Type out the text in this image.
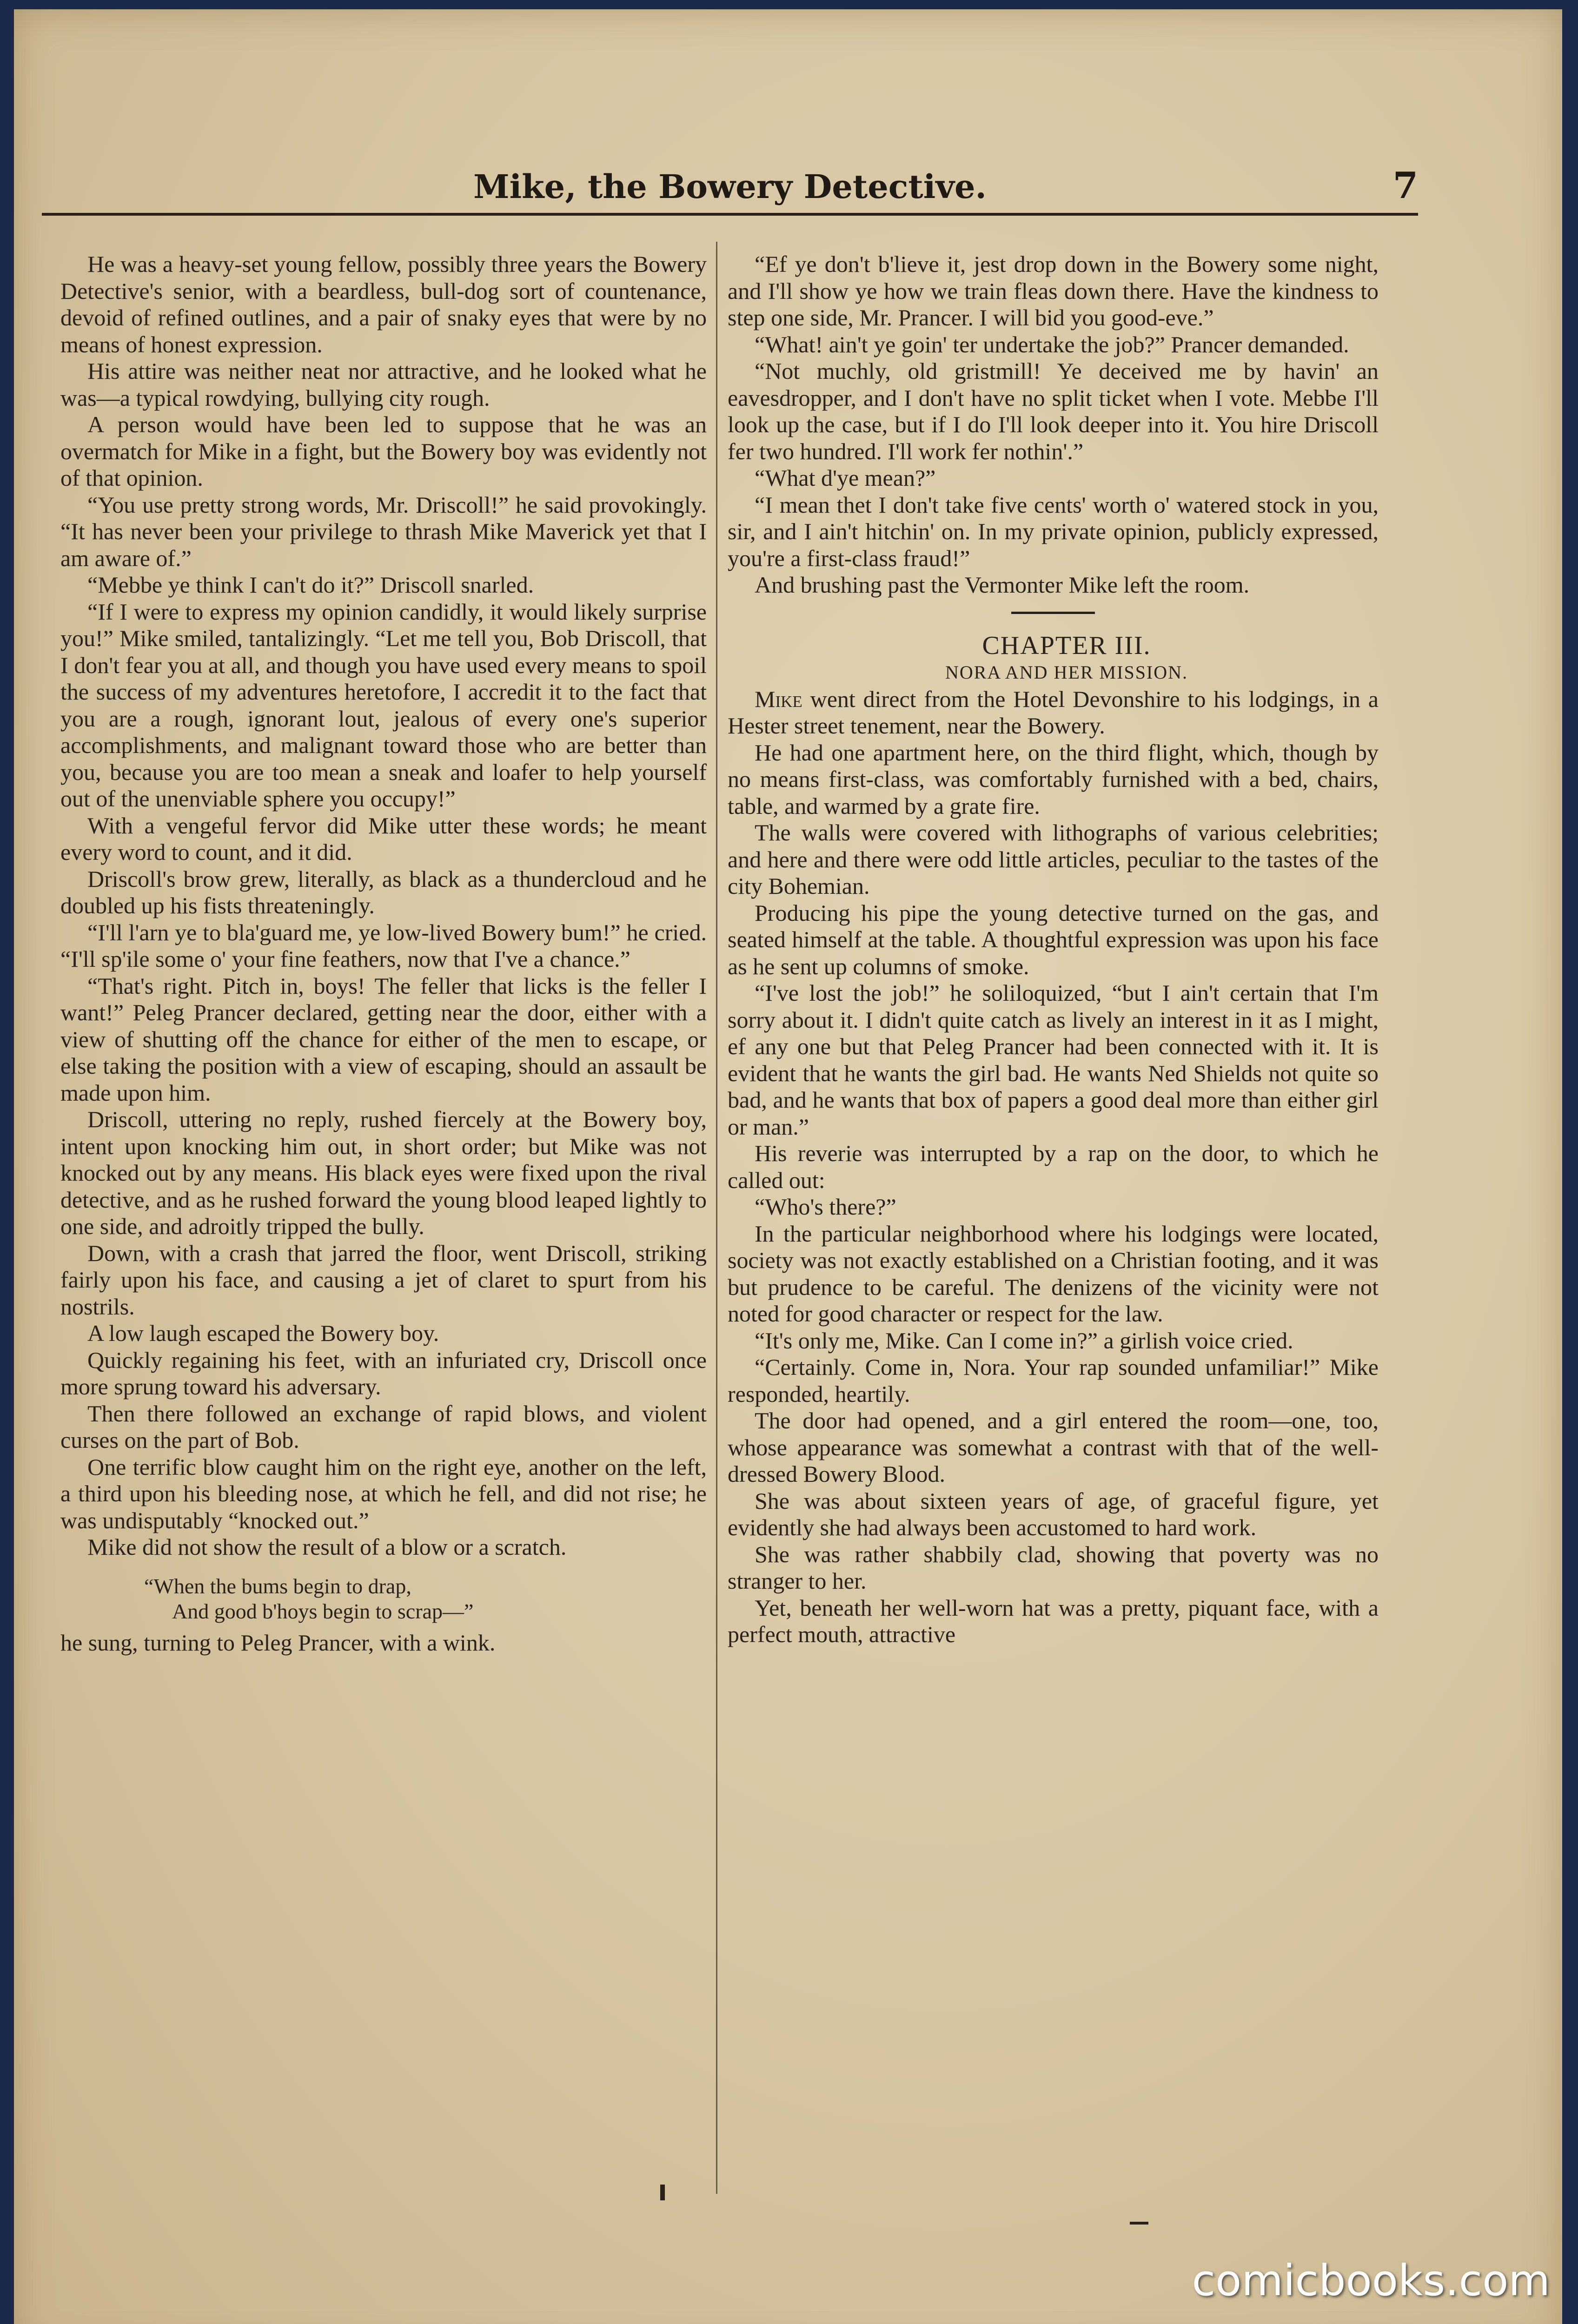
Mike, the Bowery Detective.	7

He was a heavy-set young fellow, possibly three years the Bowery Detective's senior, with a beardless, bull-dog sort of countenance, devoid of refined outlines, and a pair of snaky eyes that were by no means of honest expression.

His attire was neither neat nor attractive, and he looked what he was—a typical rowdying, bullying city rough.

A person would have been led to suppose that he was an overmatch for Mike in a fight, but the Bowery boy was evidently not of that opinion.

“You use pretty strong words, Mr. Driscoll!” he said provokingly. “It has never been your privilege to thrash Mike Maverick yet that I am aware of.”

“Mebbe ye think I can't do it?” Driscoll snarled.

“If I were to express my opinion candidly, it would likely surprise you!” Mike smiled, tantalizingly. “Let me tell you, Bob Driscoll, that I don't fear you at all, and though you have used every means to spoil the success of my adventures heretofore, I accredit it to the fact that you are a rough, ignorant lout, jealous of every one's superior accomplishments, and malignant toward those who are better than you, because you are too mean a sneak and loafer to help yourself out of the unenviable sphere you occupy!”

With a vengeful fervor did Mike utter these words; he meant every word to count, and it did.

Driscoll's brow grew, literally, as black as a thundercloud and he doubled up his fists threateningly.

“I'll l'arn ye to bla'guard me, ye low-lived Bowery bum!” he cried. “I'll sp'ile some o' your fine feathers, now that I've a chance.”

“That's right. Pitch in, boys! The feller that licks is the feller I want!” Peleg Prancer declared, getting near the door, either with a view of shutting off the chance for either of the men to escape, or else taking the position with a view of escaping, should an assault be made upon him.

Driscoll, uttering no reply, rushed fiercely at the Bowery boy, intent upon knocking him out, in short order; but Mike was not knocked out by any means. His black eyes were fixed upon the rival detective, and as he rushed forward the young blood leaped lightly to one side, and adroitly tripped the bully.

Down, with a crash that jarred the floor, went Driscoll, striking fairly upon his face, and causing a jet of claret to spurt from his nostrils.

A low laugh escaped the Bowery boy.

Quickly regaining his feet, with an infuriated cry, Driscoll once more sprung toward his adversary.

Then there followed an exchange of rapid blows, and violent curses on the part of Bob.

One terrific blow caught him on the right eye, another on the left, a third upon his bleeding nose, at which he fell, and did not rise; he was undisputably “knocked out.”

Mike did not show the result of a blow or a scratch.

“When the bums begin to drap,
And good b'hoys begin to scrap—”

he sung, turning to Peleg Prancer, with a wink.

“Ef ye don't b'lieve it, jest drop down in the Bowery some night, and I'll show ye how we train fleas down there. Have the kindness to step one side, Mr. Prancer. I will bid you good-eve.”

“What! ain't ye goin' ter undertake the job?” Prancer demanded.

“Not muchly, old gristmill! Ye deceived me by havin' an eavesdropper, and I don't have no split ticket when I vote. Mebbe I'll look up the case, but if I do I'll look deeper into it. You hire Driscoll fer two hundred. I'll work fer nothin'.”

“What d'ye mean?”

“I mean thet I don't take five cents' worth o' watered stock in you, sir, and I ain't hitchin' on. In my private opinion, publicly expressed, you're a first-class fraud!”

And brushing past the Vermonter Mike left the room.

CHAPTER III.

NORA AND HER MISSION.

Mike went direct from the Hotel Devonshire to his lodgings, in a Hester street tenement, near the Bowery.

He had one apartment here, on the third flight, which, though by no means first-class, was comfortably furnished with a bed, chairs, table, and warmed by a grate fire.

The walls were covered with lithographs of various celebrities; and here and there were odd little articles, peculiar to the tastes of the city Bohemian.

Producing his pipe the young detective turned on the gas, and seated himself at the table. A thoughtful expression was upon his face as he sent up columns of smoke.

“I've lost the job!” he soliloquized, “but I ain't certain that I'm sorry about it. I didn't quite catch as lively an interest in it as I might, ef any one but that Peleg Prancer had been connected with it. It is evident that he wants the girl bad. He wants Ned Shields not quite so bad, and he wants that box of papers a good deal more than either girl or man.”

His reverie was interrupted by a rap on the door, to which he called out:

“Who's there?”

In the particular neighborhood where his lodgings were located, society was not exactly established on a Christian footing, and it was but prudence to be careful. The denizens of the vicinity were not noted for good character or respect for the law.

“It's only me, Mike. Can I come in?” a girlish voice cried.

“Certainly. Come in, Nora. Your rap sounded unfamiliar!” Mike responded, heartily.

The door had opened, and a girl entered the room—one, too, whose appearance was somewhat a contrast with that of the well-dressed Bowery Blood.

She was about sixteen years of age, of graceful figure, yet evidently she had always been accustomed to hard work.

She was rather shabbily clad, showing that poverty was no stranger to her.

Yet, beneath her well-worn hat was a pretty, piquant face, with a perfect mouth, attractive

comicbooks.com
